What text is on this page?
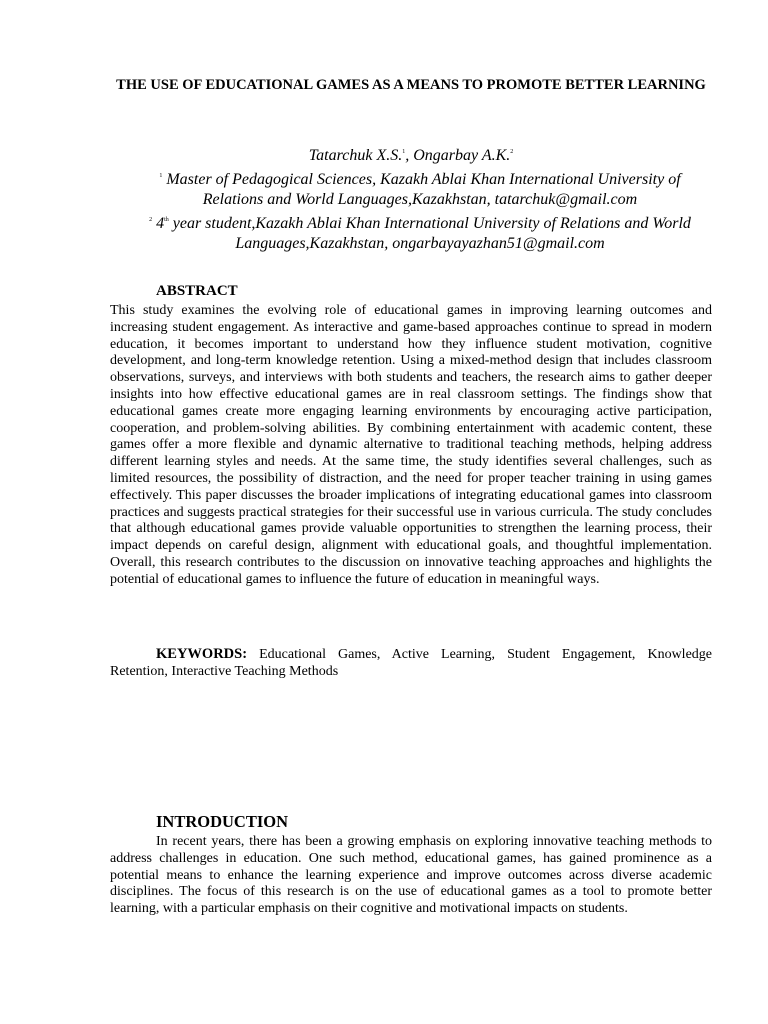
THE USE OF EDUCATIONAL GAMES AS A MEANS TO PROMOTE BETTER LEARNING
Tatarchuk X.S.$^1$, Ongarbay A.K.$^2$
$^1$ Master of Pedagogical Sciences, Kazakh Ablai Khan International University of Relations and World Languages,Kazakhstan, tatarchuk@gmail.com
$^2$ 4th year student,Kazakh Ablai Khan International University of Relations and World Languages,Kazakhstan, ongarbayayazhan51@gmail.com
ABSTRACT

This study examines the evolving role of educational games in improving learning outcomes and increasing student engagement. As interactive and game-based approaches continue to spread in modern education, it becomes important to understand how they influence student motivation, cognitive development, and long-term knowledge retention. Using a mixed-method design that includes classroom observations, surveys, and interviews with both students and teachers, the research aims to gather deeper insights into how effective educational games are in real classroom settings. The findings show that educational games create more engaging learning environments by encouraging active participation, cooperation, and problem-solving abilities. By combining entertainment with academic content, these games offer a more flexible and dynamic alternative to traditional teaching methods, helping address different learning styles and needs. At the same time, the study identifies several challenges, such as limited resources, the possibility of distraction, and the need for proper teacher training in using games effectively. This paper discusses the broader implications of integrating educational games into classroom practices and suggests practical strategies for their successful use in various curricula. The study concludes that although educational games provide valuable opportunities to strengthen the learning process, their impact depends on careful design, alignment with educational goals, and thoughtful implementation. Overall, this research contributes to the discussion on innovative teaching approaches and highlights the potential of educational games to influence the future of education in meaningful ways.

KEYWORDS: Educational Games, Active Learning, Student Engagement, Knowledge Retention, Interactive Teaching Methods

INTRODUCTION

In recent years, there has been a growing emphasis on exploring innovative teaching methods to address challenges in education. One such method, educational games, has gained prominence as a potential means to enhance the learning experience and improve outcomes across diverse academic disciplines. The focus of this research is on the use of educational games as a tool to promote better learning, with a particular emphasis on their cognitive and motivational impacts on students.
